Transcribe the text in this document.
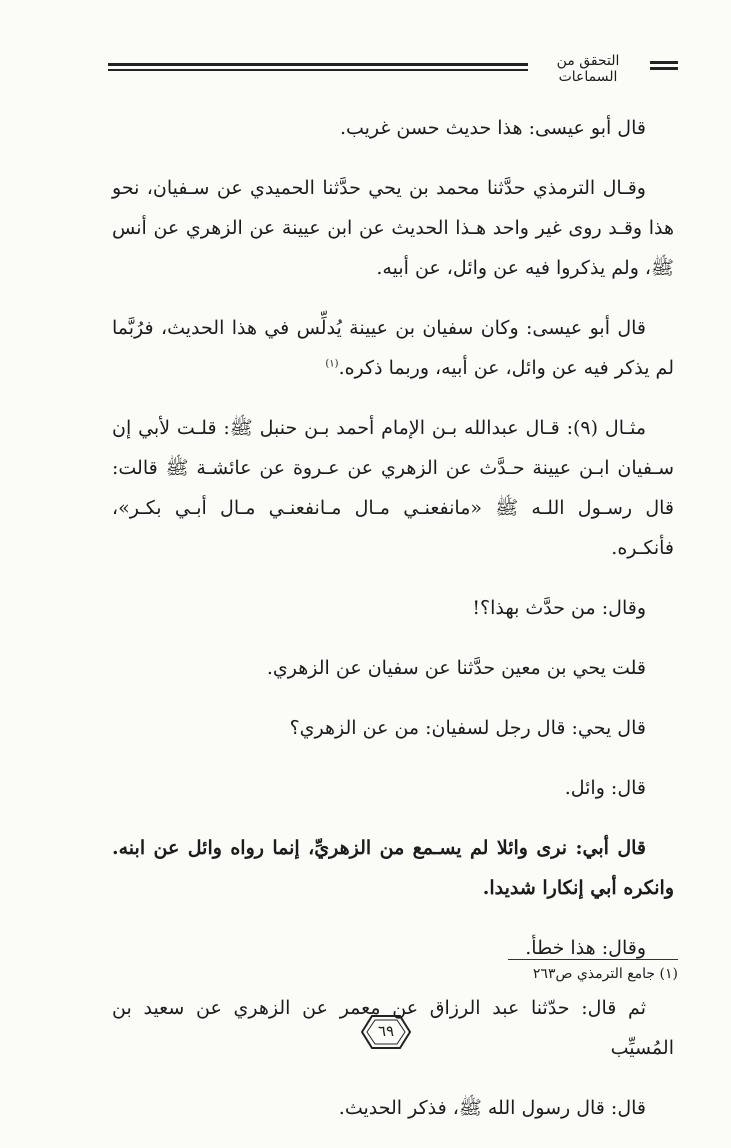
التحقق من السماعات

قال أبو عيسى: هذا حديث حسن غريب.

وقـال الترمذي حدَّثنا محمد بن يحي حدَّثنا الحميدي عن سـفيان، نحو هذا وقـد روى غير واحد هـذا الحديث عن ابن عيينة عن الزهري عن أنس ﷺ، ولم يذكروا فيه عن وائل، عن أبيه.

قال أبو عيسى: وكان سفيان بن عيينة يُدلِّس في هذا الحديث، فرُبَّما لم يذكر فيه عن وائل، عن أبيه، وربما ذكره.$^{(١)}$

مثـال (٩): قـال عبدالله بـن الإمام أحمد بـن حنبل ﷺ: قلـت لأبي إن سـفيان ابـن عيينة حـدَّث عن الزهري عن عـروة عن عائشـة ﷺ قالت: قال رسـول اللـه ﷺ «مانفعنـي مـال مـانفعنـي مـال أبـي بكـر»، فأنكـره.

وقال: من حدَّث بهذا؟!

قلت يحي بن معين حدَّثنا عن سفيان عن الزهري.

قال يحي: قال رجل لسفيان: من عن الزهري؟

قال: وائل.

قال أبي: نرى وائلا لم يسـمع من الزهريِّ، إنما رواه وائل عن ابنه. وانكره أبي إنكارا شديدا.

وقال: هذا خطأ.

ثم قال: حدّثنا عبد الرزاق عن معمر عن الزهري عن سعيد بن المُسيِّب

قال: قال رسول الله ﷺ، فذكر الحديث.

(١) جامع الترمذي ص٢٦٣
٦٩
